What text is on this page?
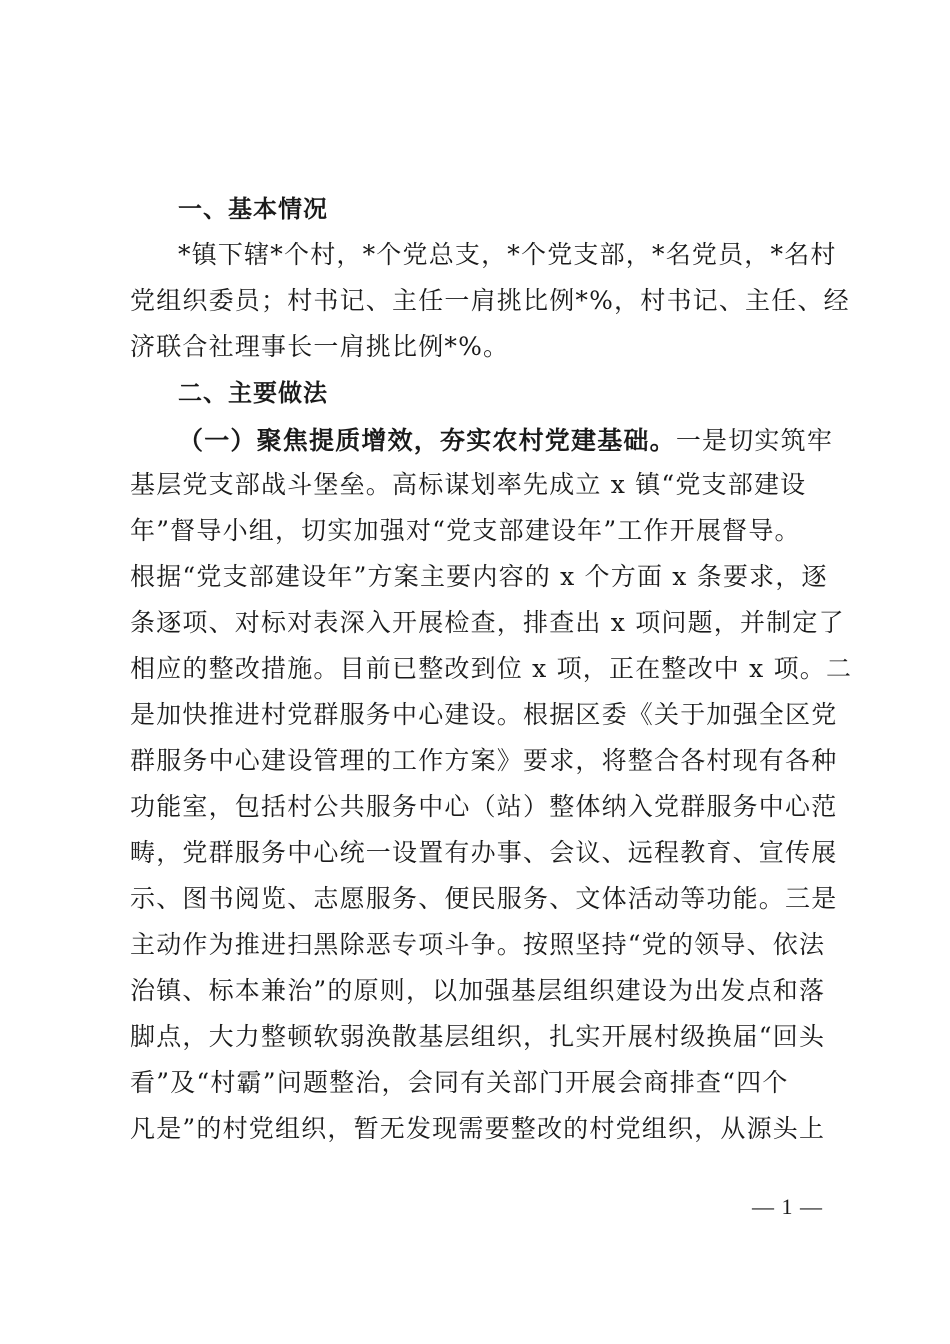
一、基本情况
*镇下辖*个村，*个党总支，*个党支部，*名党员，*名村
党组织委员；村书记、主任一肩挑比例*%，村书记、主任、经
济联合社理事长一肩挑比例*%。
二、主要做法
（一）聚焦提质增效，夯实农村党建基础。一是切实筑牢
基层党支部战斗堡垒。高标谋划率先成立 x 镇“党支部建设
年”督导小组，切实加强对“党支部建设年”工作开展督导。
根据“党支部建设年”方案主要内容的 x 个方面 x 条要求，逐
条逐项、对标对表深入开展检查，排查出 x 项问题，并制定了
相应的整改措施。目前已整改到位 x 项，正在整改中 x 项。二
是加快推进村党群服务中心建设。根据区委《关于加强全区党
群服务中心建设管理的工作方案》要求，将整合各村现有各种
功能室，包括村公共服务中心（站）整体纳入党群服务中心范
畴，党群服务中心统一设置有办事、会议、远程教育、宣传展
示、图书阅览、志愿服务、便民服务、文体活动等功能。三是
主动作为推进扫黑除恶专项斗争。按照坚持“党的领导、依法
治镇、标本兼治”的原则，以加强基层组织建设为出发点和落
脚点，大力整顿软弱涣散基层组织，扎实开展村级换届“回头
看”及“村霸”问题整治，会同有关部门开展会商排查“四个
凡是”的村党组织，暂无发现需要整改的村党组织，从源头上
— 1 —
